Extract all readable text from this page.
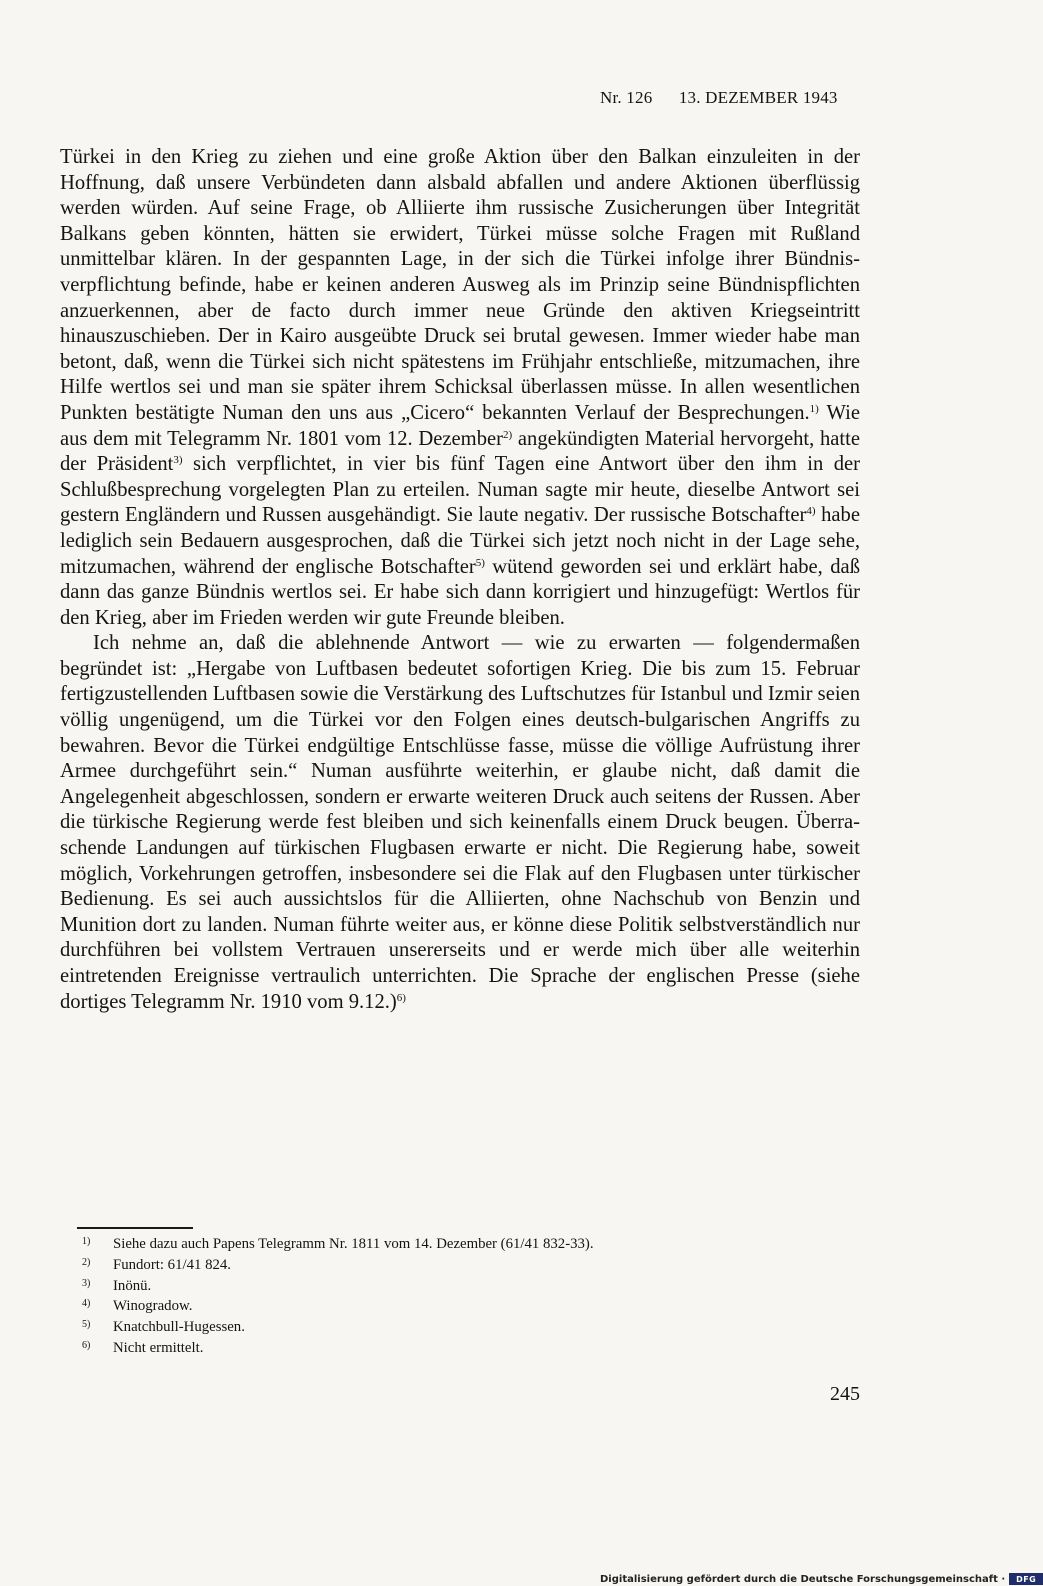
Nr. 126 13. DEZEMBER 1943

Türkei in den Krieg zu ziehen und eine große Aktion über den Balkan einzuleiten in der Hoffnung, daß unsere Verbündeten dann alsbald abfallen und andere Aktionen überflüssig werden würden. Auf seine Frage, ob Alliierte ihm russische Zusicherungen über Integrität Balkans geben könnten, hätten sie erwidert, Türkei müsse solche Fragen mit Rußland unmittelbar klären. In der gespannten Lage, in der sich die Türkei infolge ihrer Bündnisverpflichtung befinde, habe er keinen anderen Ausweg als im Prinzip seine Bündnispflichten anzuerkennen, aber de facto durch immer neue Gründe den aktiven Kriegseintritt hinauszuschieben. Der in Kairo ausgeübte Druck sei brutal gewesen. Immer wieder habe man betont, daß, wenn die Türkei sich nicht spätestens im Frühjahr entschließe, mitzumachen, ihre Hilfe wertlos sei und man sie später ihrem Schicksal überlassen müsse. In allen wesentlichen Punkten bestätigte Numan den uns aus „Cicero“ bekannten Verlauf der Besprechungen.$^{1)}$ Wie aus dem mit Telegramm Nr. 1801 vom 12. Dezember$^{2)}$ angekündigten Material hervorgeht, hatte der Präsident$^{3)}$ sich verpflichtet, in vier bis fünf Tagen eine Antwort über den ihm in der Schlußbesprechung vorgelegten Plan zu erteilen. Numan sagte mir heute, dieselbe Antwort sei gestern Engländern und Russen ausgehändigt. Sie laute negativ. Der russische Botschafter$^{4)}$ habe lediglich sein Bedauern ausgesprochen, daß die Türkei sich jetzt noch nicht in der Lage sehe, mitzumachen, während der englische Botschafter$^{5)}$ wütend geworden sei und erklärt habe, daß dann das ganze Bündnis wertlos sei. Er habe sich dann korrigiert und hinzugefügt: Wertlos für den Krieg, aber im Frieden werden wir gute Freunde bleiben.

Ich nehme an, daß die ablehnende Antwort — wie zu erwarten — folgendermaßen begründet ist: „Hergabe von Luftbasen bedeutet sofortigen Krieg. Die bis zum 15. Februar fertigzustellenden Luftbasen sowie die Verstärkung des Luftschutzes für Istanbul und Izmir seien völlig ungenügend, um die Türkei vor den Folgen eines deutsch-bulgarischen Angriffs zu bewahren. Bevor die Türkei endgültige Entschlüsse fasse, müsse die völlige Aufrüstung ihrer Armee durchgeführt sein.“ Numan ausführte weiterhin, er glaube nicht, daß damit die Angelegenheit abgeschlossen, sondern er erwarte weiteren Druck auch seitens der Russen. Aber die türkische Regierung werde fest bleiben und sich keinenfalls einem Druck beugen. Überraschende Landungen auf türkischen Flugbasen erwarte er nicht. Die Regierung habe, soweit möglich, Vorkehrungen getroffen, insbesondere sei die Flak auf den Flugbasen unter türkischer Bedienung. Es sei auch aussichtslos für die Alliierten, ohne Nachschub von Benzin und Munition dort zu landen. Numan führte weiter aus, er könne diese Politik selbstverständlich nur durchführen bei vollstem Vertrauen unsererseits und er werde mich über alle weiterhin eintretenden Ereignisse vertraulich unterrichten. Die Sprache der englischen Presse (siehe dortiges Telegramm Nr. 1910 vom 9.12.)$^{6)}$

1) Siehe dazu auch Papens Telegramm Nr. 1811 vom 14. Dezember (61/41 832-33).
2) Fundort: 61/41 824.
3) Inönü.
4) Winogradow.
5) Knatchbull-Hugessen.
6) Nicht ermittelt.
245
Digitalisierung gefördert durch die Deutsche Forschungsgemeinschaft ·	DFG
